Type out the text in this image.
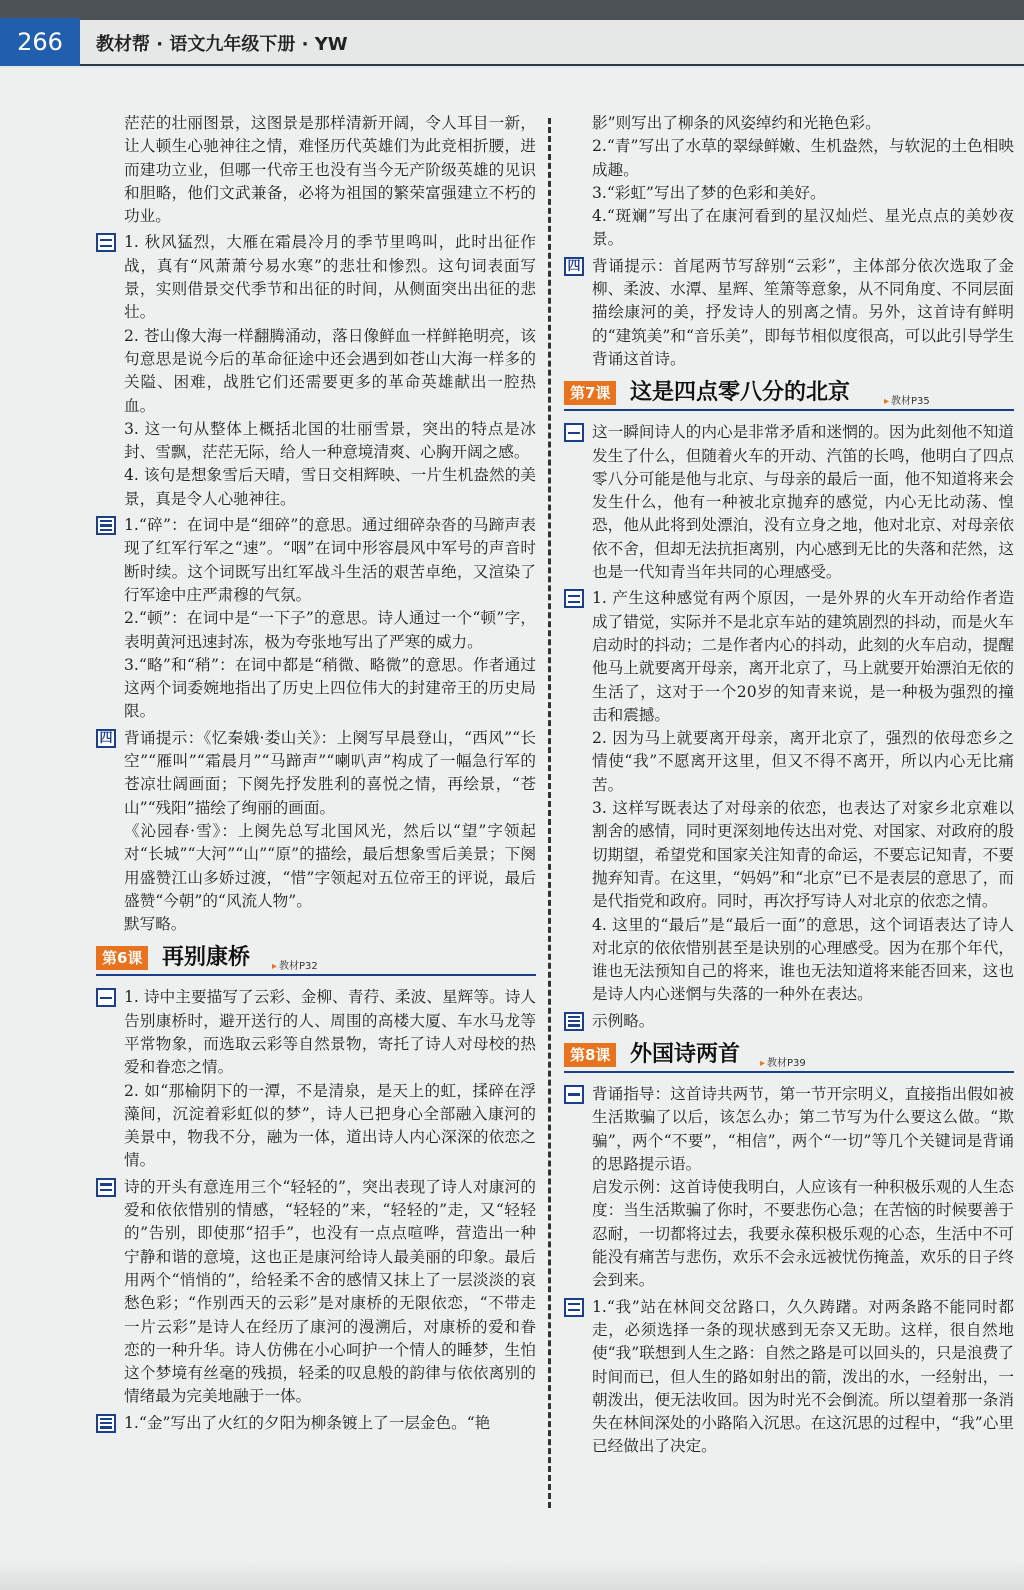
266	教材帮 · 语文九年级下册 · YW

茫茫的壮丽图景，这图景是那样清新开阔，令人耳目一新，让人顿生心驰神往之情，难怪历代英雄们为此竞相折腰，进而建功立业，但哪一代帝王也没有当今无产阶级英雄的见识和胆略，他们文武兼备，必将为祖国的繁荣富强建立不朽的功业。

1. 秋风猛烈，大雁在霜晨冷月的季节里鸣叫，此时出征作战，真有“风萧萧兮易水寒”的悲壮和惨烈。这句词表面写景，实则借景交代季节和出征的时间，从侧面突出出征的悲壮。

2. 苍山像大海一样翻腾涌动，落日像鲜血一样鲜艳明亮，该句意思是说今后的革命征途中还会遇到如苍山大海一样多的关隘、困难，战胜它们还需要更多的革命英雄献出一腔热血。

3. 这一句从整体上概括北国的壮丽雪景，突出的特点是冰封、雪飘，茫茫无际，给人一种意境清爽、心胸开阔之感。

4. 该句是想象雪后天晴，雪日交相辉映、一片生机盎然的美景，真是令人心驰神往。

1.“碎”：在词中是“细碎”的意思。通过细碎杂沓的马蹄声表现了红军行军之“速”。“咽”在词中形容晨风中军号的声音时断时续。这个词既写出红军战斗生活的艰苦卓绝，又渲染了行军途中庄严肃穆的气氛。

2.“顿”：在词中是“一下子”的意思。诗人通过一个“顿”字，表明黄河迅速封冻，极为夸张地写出了严寒的威力。

3.“略”和“稍”：在词中都是“稍微、略微”的意思。作者通过这两个词委婉地指出了历史上四位伟大的封建帝王的历史局限。

四 背诵提示：《忆秦娥·娄山关》：上阕写早晨登山，“西风”“长空”“雁叫”“霜晨月”“马蹄声”“喇叭声”构成了一幅急行军的苍凉壮阔画面；下阕先抒发胜利的喜悦之情，再绘景，“苍山”“残阳”描绘了绚丽的画面。

《沁园春·雪》：上阕先总写北国风光，然后以“望”字领起对“长城”“大河”“山”“原”的描绘，最后想象雪后美景；下阕用盛赞江山多娇过渡，“惜”字领起对五位帝王的评说，最后盛赞“今朝”的“风流人物”。

默写略。

第6课 再别康桥	▸ 教材P32

1. 诗中主要描写了云彩、金柳、青荇、柔波、星辉等。诗人告别康桥时，避开送行的人、周围的高楼大厦、车水马龙等平常物象，而选取云彩等自然景物，寄托了诗人对母校的热爱和眷恋之情。

2. 如“那榆阴下的一潭，不是清泉，是天上的虹，揉碎在浮藻间，沉淀着彩虹似的梦”，诗人已把身心全部融入康河的美景中，物我不分，融为一体，道出诗人内心深深的依恋之情。

诗的开头有意连用三个“轻轻的”，突出表现了诗人对康河的爱和依依惜别的情感，“轻轻的”来，“轻轻的”走，又“轻轻的”告别，即使那“招手”，也没有一点点喧哗，营造出一种宁静和谐的意境，这也正是康河给诗人最美丽的印象。最后用两个“悄悄的”，给轻柔不舍的感情又抹上了一层淡淡的哀愁色彩；“作别西天的云彩”是对康桥的无限依恋，“不带走一片云彩”是诗人在经历了康河的漫溯后，对康桥的爱和眷恋的一种升华。诗人仿佛在小心呵护一个情人的睡梦，生怕这个梦境有丝毫的残损，轻柔的叹息般的韵律与依依离别的情绪最为完美地融于一体。

1.“金”写出了火红的夕阳为柳条镀上了一层金色。“艳

影”则写出了柳条的风姿绰约和光艳色彩。

2.“青”写出了水草的翠绿鲜嫩、生机盎然，与软泥的土色相映成趣。

3.“彩虹”写出了梦的色彩和美好。

4.“斑斓”写出了在康河看到的星汉灿烂、星光点点的美妙夜景。

四 背诵提示：首尾两节写辞别“云彩”，主体部分依次选取了金柳、柔波、水潭、星辉、笙箫等意象，从不同角度、不同层面描绘康河的美，抒发诗人的别离之情。另外，这首诗有鲜明的“建筑美”和“音乐美”，即每节相似度很高，可以此引导学生背诵这首诗。

第7课 这是四点零八分的北京	▸ 教材P35

这一瞬间诗人的内心是非常矛盾和迷惘的。因为此刻他不知道发生了什么，但随着火车的开动、汽笛的长鸣，他明白了四点零八分可能是他与北京、与母亲的最后一面，他不知道将来会发生什么，他有一种被北京抛弃的感觉，内心无比动荡、惶恐，他从此将到处漂泊，没有立身之地，他对北京、对母亲依依不舍，但却无法抗拒离别，内心感到无比的失落和茫然，这也是一代知青当年共同的心理感受。

1. 产生这种感觉有两个原因，一是外界的火车开动给作者造成了错觉，实际并不是北京车站的建筑剧烈的抖动，而是火车启动时的抖动；二是作者内心的抖动，此刻的火车启动，提醒他马上就要离开母亲，离开北京了，马上就要开始漂泊无依的生活了，这对于一个20岁的知青来说，是一种极为强烈的撞击和震撼。

2. 因为马上就要离开母亲，离开北京了，强烈的依母恋乡之情使“我”不愿离开这里，但又不得不离开，所以内心无比痛苦。

3. 这样写既表达了对母亲的依恋，也表达了对家乡北京难以割舍的感情，同时更深刻地传达出对党、对国家、对政府的殷切期望，希望党和国家关注知青的命运，不要忘记知青，不要抛弃知青。在这里，“妈妈”和“北京”已不是表层的意思了，而是代指党和政府。同时，再次抒写诗人对北京的依恋之情。

4. 这里的“最后”是“最后一面”的意思，这个词语表达了诗人对北京的依依惜别甚至是诀别的心理感受。因为在那个年代，谁也无法预知自己的将来，谁也无法知道将来能否回来，这也是诗人内心迷惘与失落的一种外在表达。

示例略。

第8课 外国诗两首	▸ 教材P39

背诵指导：这首诗共两节，第一节开宗明义，直接指出假如被生活欺骗了以后，该怎么办；第二节写为什么要这么做。“欺骗”，两个“不要”，“相信”，两个“一切”等几个关键词是背诵的思路提示语。

启发示例：这首诗使我明白，人应该有一种积极乐观的人生态度：当生活欺骗了你时，不要悲伤心急；在苦恼的时候要善于忍耐，一切都将过去，我要永葆积极乐观的心态，生活中不可能没有痛苦与悲伤，欢乐不会永远被忧伤掩盖，欢乐的日子终会到来。

1.“我”站在林间交岔路口，久久踌躇。对两条路不能同时都走，必须选择一条的现状感到无奈又无助。这样，很自然地使“我”联想到人生之路：自然之路是可以回头的，只是浪费了时间而已，但人生的路如射出的箭，泼出的水，一经射出，一朝泼出，便无法收回。因为时光不会倒流。所以望着那一条消失在林间深处的小路陷入沉思。在这沉思的过程中，“我”心里已经做出了决定。
